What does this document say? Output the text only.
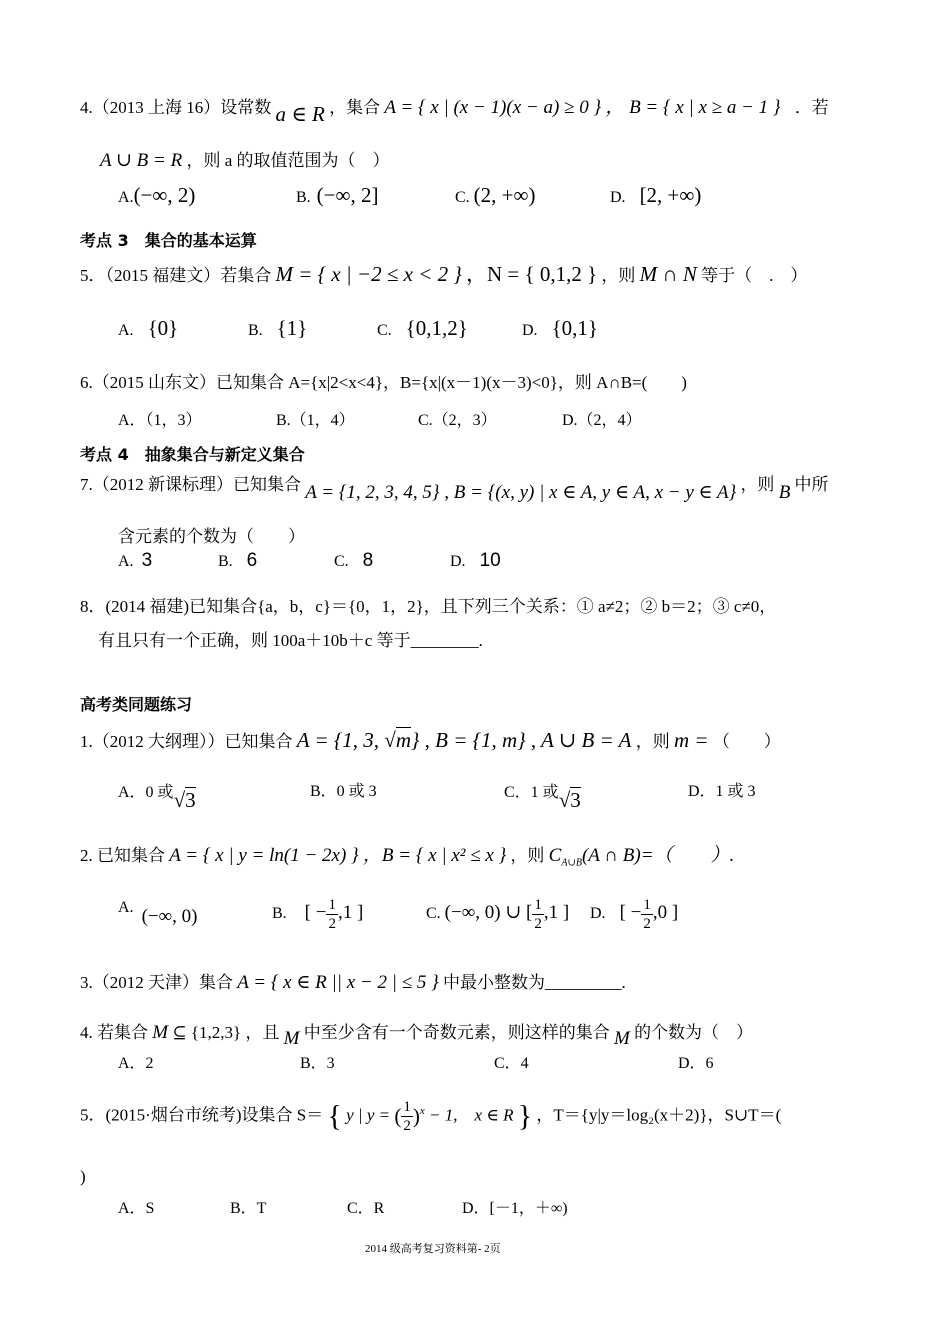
4.（2013 上海 16）设常数 a ∈ R ，集合 A = { x | (x − 1)(x − a) ≥ 0 } ， B = { x | x ≥ a − 1 } ．若
A ∪ B = R ，则 a 的取值范围为（　）
A.(−∞, 2)	B. (−∞, 2]	C. (2, +∞)	D. [2, +∞)
考点 3　集合的基本运算
5．（2015 福建文）若集合 M = { x | −2 ≤ x < 2 } ，N = { 0,1,2 } ，则 M ∩ N 等于（　.　）
A. {0}	B. {1}	C. {0,1,2}	D. {0,1}
6.（2015 山东文）已知集合 A={x|2<x<4}，B={x|(x－1)(x－3)<0}，则 A∩B=(　　)
A．（1，3）	B.（1，4）	C.（2，3）	D.（2，4）
考点 4　抽象集合与新定义集合
7.（2012 新课标理）已知集合 A = {1, 2, 3, 4, 5} , B = {(x, y) | x ∈ A, y ∈ A, x − y ∈ A} ，则 B 中所
含元素的个数为（　　）
A. 3	B. 6	C. 8	D. 10
8．(2014 福建)已知集合{a，b，c}＝{0，1，2}，且下列三个关系：① a≠2；② b＝2；③ c≠0，
有且只有一个正确，则 100a＋10b＋c 等于________.
高考类同题练习
1.（2012 大纲理））已知集合 A = {1, 3, √m} , B = {1, m} , A ∪ B = A ，则 m = （　　）
A．0 或√3	B．0 或 3	C．1 或√3	D．1 或 3
2. 已知集合 A = { x | y = ln(1 − 2x) } ，B = { x | x² ≤ x } ，则 $C_{A\cup B}(A$ ∩ B)=（　　）.
A. (−∞, 0)	B. [ − $\frac{1}{2} ,1$ ]	C. (−∞, 0) ∪ [ $\frac{1}{2} ,1$ ] D. [ − $\frac{1}{2} ,0$ ]
3.（2012 天津）集合 A = { x ∈ R || x − 2 | ≤ 5 } 中最小整数为_________.
4. 若集合 M ⊆ {1,2,3} ，且 M 中至少含有一个奇数元素，则这样的集合 M 的个数为（　）
A．2	B．3	C．4	D．6
5．(2015·烟台市统考)设集合 S＝ { y | y = ( $\frac{1}{2} )^x - 1$,　x ∈ R } ，T＝{y|y＝log₂(x＋2)}，S∪T＝(
)
A．S	B．T	C．R	D．[－1，＋∞)
2014 级高考复习资料第- 2页
